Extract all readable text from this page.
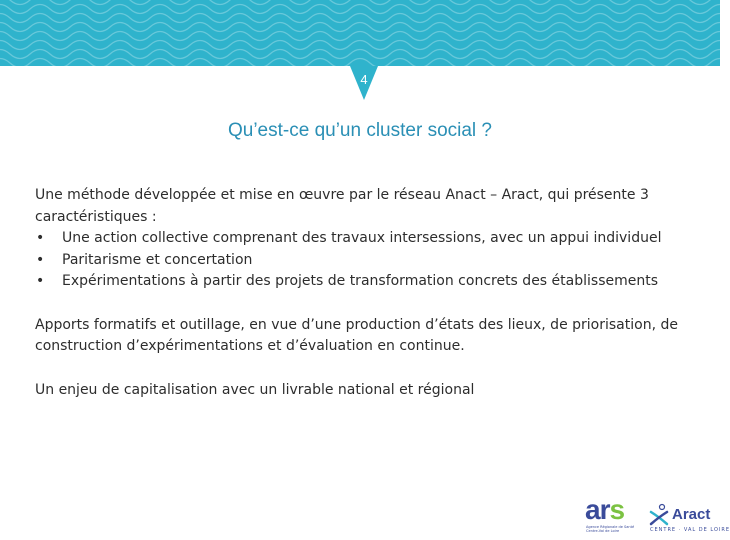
4
Qu’est-ce qu’un cluster social ?

Une méthode développée et mise en œuvre par le réseau Anact – Aract, qui présente 3 caractéristiques :

• Une action collective comprenant des travaux intersessions, avec un appui individuel
• Paritarisme et concertation
• Expérimentations à partir des projets de transformation concrets des établissements

Apports formatifs et outillage, en vue d’une production d’états des lieux, de priorisation, de construction d’expérimentations et d’évaluation en continue.

Un enjeu de capitalisation avec un livrable national et régional

ars
Agence Régionale de Santé Centre-Val de Loire
Aract
CENTRE · VAL DE LOIRE
